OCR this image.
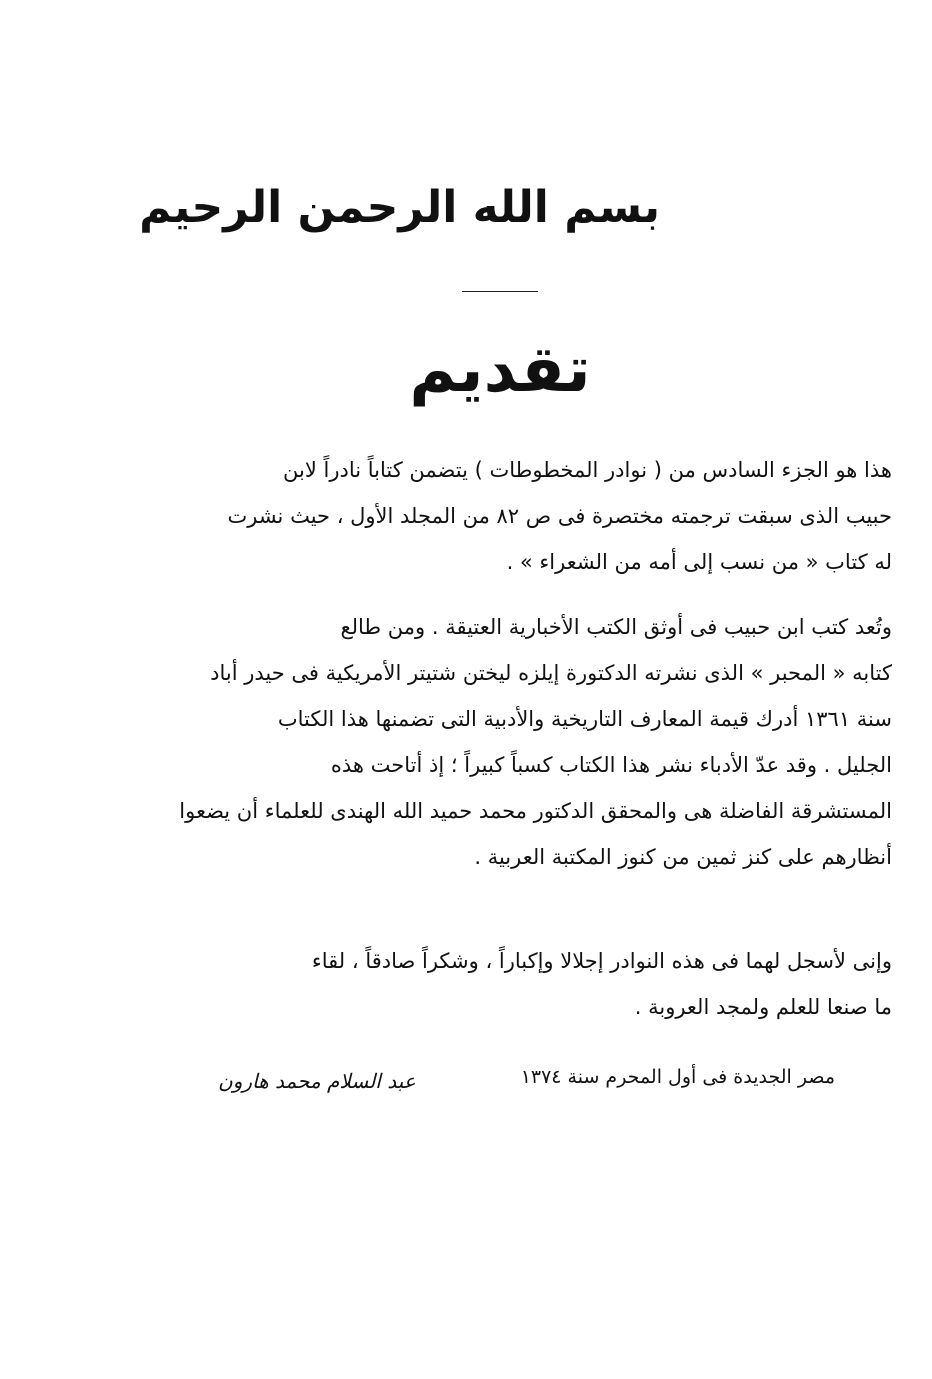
بسم الله الرحمن الرحيم
تقديم
هذا هو الجزء السادس من ( نوادر المخطوطات ) يتضمن كتاباً نادراً لابن
حبيب الذى سبقت ترجمته مختصرة فى ص ٨٢ من المجلد الأول ، حيث نشرت
له كتاب « من نسب إلى أمه من الشعراء » .
وتُعد كتب ابن حبيب فى أوثق الكتب الأخبارية العتيقة . ومن طالع
كتابه « المحبر » الذى نشرته الدكتورة إيلزه ليختن شتيتر الأمريكية فى حيدر أباد
سنة ١٣٦١ أدرك قيمة المعارف التاريخية والأدبية التى تضمنها هذا الكتاب
الجليل . وقد عدّ الأدباء نشر هذا الكتاب كسباً كبيراً ؛ إذ أتاحت هذه
المستشرقة الفاضلة هى والمحقق الدكتور محمد حميد الله الهندى للعلماء أن يضعوا
أنظارهم على كنز ثمين من كنوز المكتبة العربية .
وإنى لأسجل لهما فى هذه النوادر إجلالا وإكباراً ، وشكراً صادقاً ، لقاء
ما صنعا للعلم ولمجد العروبة .
مصر الجديدة فى أول المحرم سنة ١٣٧٤
عبد السلام محمد هارون
